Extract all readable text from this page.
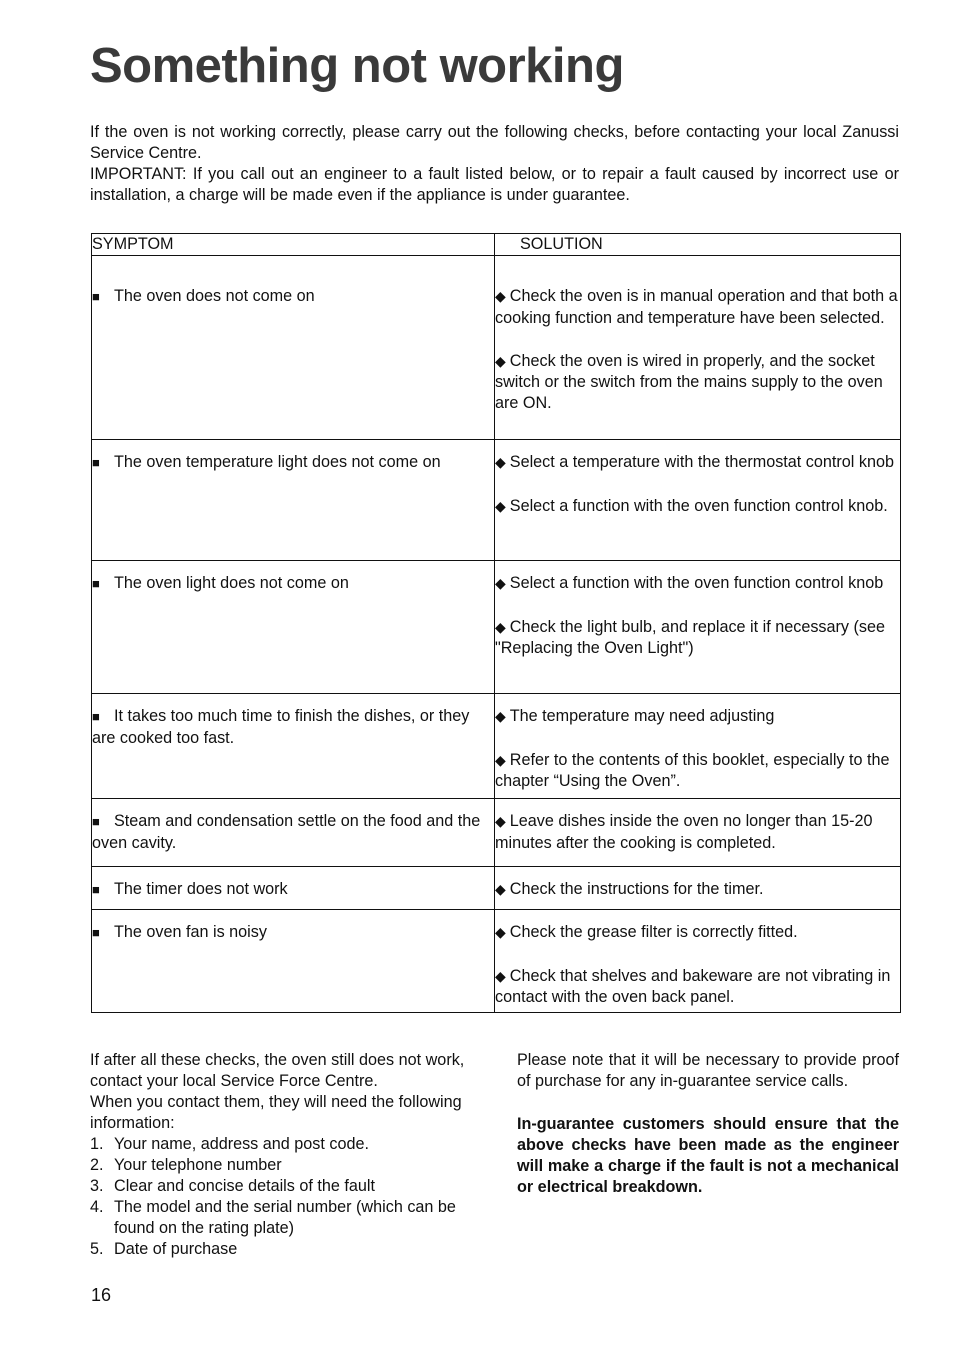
Something not working

If the oven is not working correctly, please carry out the following checks, before contacting your local Zanussi Service Centre.

IMPORTANT: If you call out an engineer to a fault listed below, or to repair a fault caused by incorrect use or installation, a charge will be made even if the appliance is under guarantee.

SYMPTOM	SOLUTION
■ The oven does not come on	◆ Check the oven is in manual operation and that both a cooking function and temperature have been selected.

◆ Check the oven is wired in properly, and the socket switch or the switch from the mains supply to the oven are ON.

■ The oven temperature light does not come on	◆ Select a temperature with the thermostat control knob

◆ Select a function with the oven function control knob.

■ The oven light does not come on	◆ Select a function with the oven function control knob

◆ Check the light bulb, and replace it if necessary (see "Replacing the Oven Light")

■ It takes too much time to finish the dishes, or they are cooked too fast.	◆ The temperature may need adjusting

◆ Refer to the contents of this booklet, especially to the chapter “Using the Oven”.

■ Steam and condensation settle on the food and the oven cavity.	◆ Leave dishes inside the oven no longer than 15-20 minutes after the cooking is completed.

■ The timer does not work	◆ Check the instructions for the timer.

■ The oven fan is noisy	◆ Check the grease filter is correctly fitted.

◆ Check that shelves and bakeware are not vibrating in contact with the oven back panel.

If after all these checks, the oven still does not work, contact your local Service Force Centre.

When you contact them, they will need the following information:

1. Your name, address and post code.
2. Your telephone number
3. Clear and concise details of the fault
4. The model and the serial number (which can be found on the rating plate)
5. Date of purchase

Please note that it will be necessary to provide proof of purchase for any in-guarantee service calls.

In-guarantee customers should ensure that the above checks have been made as the engineer will make a charge if the fault is not a mechanical or electrical breakdown.

16
